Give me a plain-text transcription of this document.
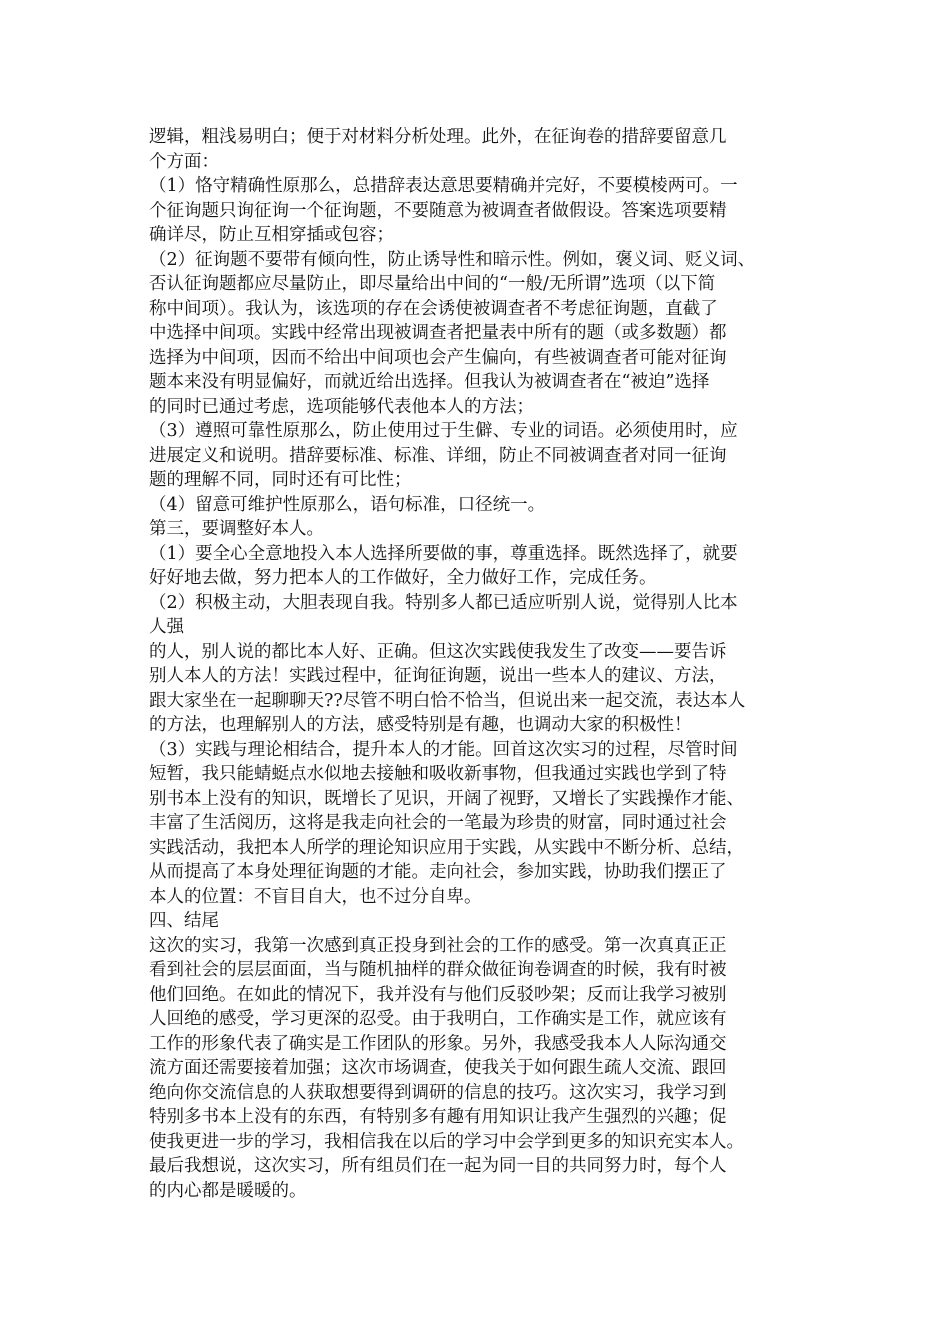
逻辑，粗浅易明白；便于对材料分析处理。此外，在征询卷的措辞要留意几
个方面：
（1）恪守精确性原那么，总措辞表达意思要精确并完好，不要模棱两可。一
个征询题只询征询一个征询题，不要随意为被调查者做假设。答案选项要精
确详尽，防止互相穿插或包容；
（2）征询题不要带有倾向性，防止诱导性和暗示性。例如，褒义词、贬义词、
否认征询题都应尽量防止，即尽量给出中间的“一般/无所谓”选项（以下简
称中间项）。我认为，该选项的存在会诱使被调查者不考虑征询题，直截了
中选择中间项。实践中经常出现被调查者把量表中所有的题（或多数题）都
选择为中间项，因而不给出中间项也会产生偏向，有些被调查者可能对征询
题本来没有明显偏好，而就近给出选择。但我认为被调查者在“被迫”选择
的同时已通过考虑，选项能够代表他本人的方法；
（3）遵照可靠性原那么，防止使用过于生僻、专业的词语。必须使用时，应
进展定义和说明。措辞要标准、标准、详细，防止不同被调查者对同一征询
题的理解不同，同时还有可比性；
（4）留意可维护性原那么，语句标准，口径统一。
第三，要调整好本人。
（1）要全心全意地投入本人选择所要做的事，尊重选择。既然选择了，就要
好好地去做，努力把本人的工作做好，全力做好工作，完成任务。
（2）积极主动，大胆表现自我。特别多人都已适应听别人说，觉得别人比本
人强
的人，别人说的都比本人好、正确。但这次实践使我发生了改变——要告诉
别人本人的方法！实践过程中，征询征询题，说出一些本人的建议、方法，
跟大家坐在一起聊聊天??尽管不明白恰不恰当，但说出来一起交流，表达本人
的方法，也理解别人的方法，感受特别是有趣，也调动大家的积极性！
（3）实践与理论相结合，提升本人的才能。回首这次实习的过程，尽管时间
短暂，我只能蜻蜓点水似地去接触和吸收新事物，但我通过实践也学到了特
别书本上没有的知识，既增长了见识，开阔了视野，又增长了实践操作才能、
丰富了生活阅历，这将是我走向社会的一笔最为珍贵的财富，同时通过社会
实践活动，我把本人所学的理论知识应用于实践，从实践中不断分析、总结，
从而提高了本身处理征询题的才能。走向社会，参加实践，协助我们摆正了
本人的位置：不盲目自大，也不过分自卑。
四、结尾
这次的实习，我第一次感到真正投身到社会的工作的感受。第一次真真正正
看到社会的层层面面，当与随机抽样的群众做征询卷调查的时候，我有时被
他们回绝。在如此的情况下，我并没有与他们反驳吵架；反而让我学习被别
人回绝的感受，学习更深的忍受。由于我明白，工作确实是工作，就应该有
工作的形象代表了确实是工作团队的形象。另外，我感受我本人人际沟通交
流方面还需要接着加强；这次市场调查，使我关于如何跟生疏人交流、跟回
绝向你交流信息的人获取想要得到调研的信息的技巧。这次实习，我学习到
特别多书本上没有的东西，有特别多有趣有用知识让我产生强烈的兴趣；促
使我更进一步的学习，我相信我在以后的学习中会学到更多的知识充实本人。
最后我想说，这次实习，所有组员们在一起为同一目的共同努力时，每个人
的内心都是暖暖的。
